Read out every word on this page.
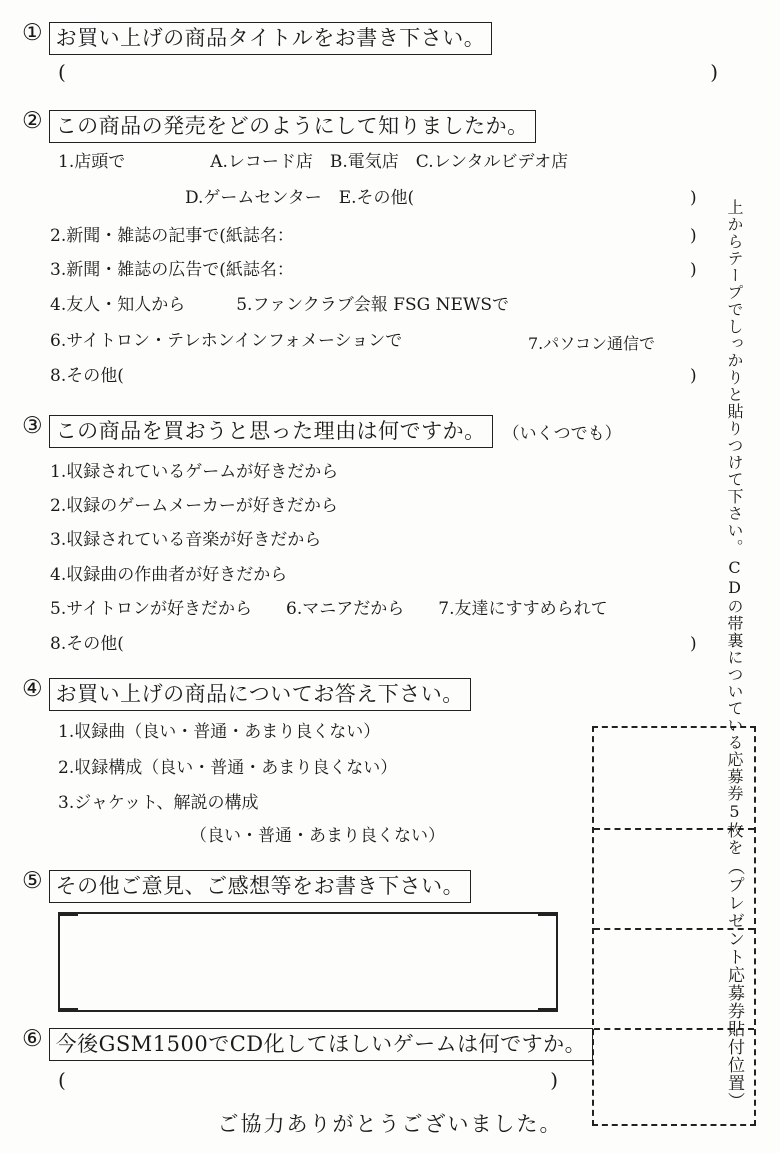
① お買い上げの商品タイトルをお書き下さい。
(	)
② この商品の発売をどのようにして知りましたか。
1.店頭で　　　　　A.レコード店　B.電気店　C.レンタルビデオ店
D.ゲームセンター　E.その他(	)
2.新聞・雑誌の記事で(紙誌名：	)
3.新聞・雑誌の広告で(紙誌名：	)
4.友人・知人から　　　5.ファンクラブ会報 FSG NEWSで
6.サイトロン・テレホンインフォメーションで	7.パソコン通信で
8.その他(	)
③ この商品を買おうと思った理由は何ですか。	（いくつでも）
1.収録されているゲームが好きだから
2.収録のゲームメーカーが好きだから
3.収録されている音楽が好きだから
4.収録曲の作曲者が好きだから
5.サイトロンが好きだから　　6.マニアだから　　7.友達にすすめられて
8.その他(	)
④ お買い上げの商品についてお答え下さい。
1.収録曲（良い・普通・あまり良くない）
2.収録構成（良い・普通・あまり良くない）
3.ジャケット、解説の構成
（良い・普通・あまり良くない）
⑤ その他ご意見、ご感想等をお書き下さい。
⑥ 今後GSM1500でCD化してほしいゲームは何ですか。
(	)	（プレゼント応募券貼付位置）
CDの帯裏についている応募券5枚を
上からテープでしっかりと貼りつけて下さい。
ご協力ありがとうございました。
